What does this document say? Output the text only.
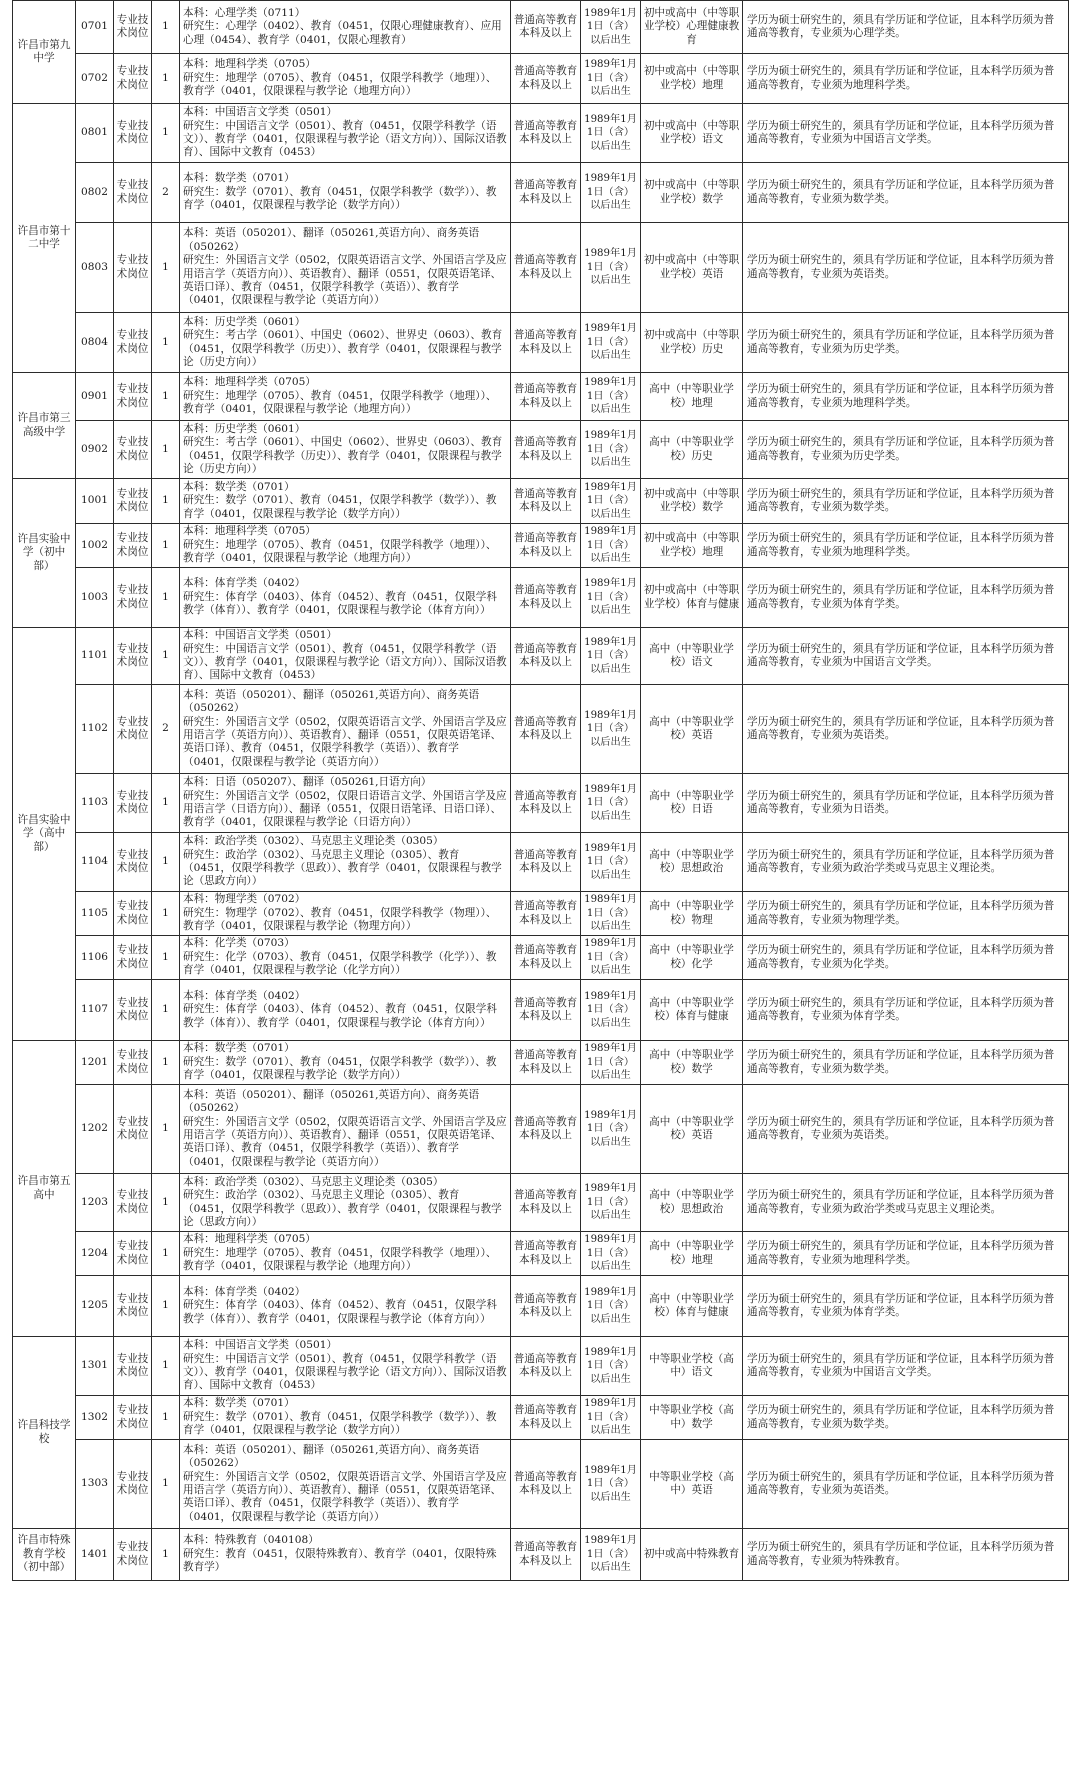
许昌市第九中学	0701	专业技术岗位	1	本科：心理学类（0711）
研究生：心理学（0402）、教育（0451，仅限心理健康教育）、应用心理（0454）、教育学（0401，仅限心理教育）	普通高等教育本科及以上	1989年1月1日（含）以后出生	初中或高中（中等职业学校）心理健康教育	学历为硕士研究生的，须具有学历证和学位证，且本科学历须为普通高等教育，专业须为心理学类。
	0702	专业技术岗位	1	本科：地理科学类（0705）
研究生：地理学（0705）、教育（0451，仅限学科教学（地理））、教育学（0401，仅限课程与教学论（地理方向））	普通高等教育本科及以上	1989年1月1日（含）以后出生	初中或高中（中等职业学校）地理	学历为硕士研究生的，须具有学历证和学位证，且本科学历须为普通高等教育，专业须为地理科学类。
许昌市第十二中学	0801	专业技术岗位	1	本科：中国语言文学类（0501）
研究生：中国语言文学（0501）、教育（0451，仅限学科教学（语文））、教育学（0401，仅限课程与教学论（语文方向））、国际汉语教育）、国际中文教育（0453）	普通高等教育本科及以上	1989年1月1日（含）以后出生	初中或高中（中等职业学校）语文	学历为硕士研究生的，须具有学历证和学位证，且本科学历须为普通高等教育，专业须为中国语言文学类。
	0802	专业技术岗位	2	本科：数学类（0701）
研究生：数学（0701）、教育（0451，仅限学科教学（数学））、教育学（0401，仅限课程与教学论（数学方向））	普通高等教育本科及以上	1989年1月1日（含）以后出生	初中或高中（中等职业学校）数学	学历为硕士研究生的，须具有学历证和学位证，且本科学历须为普通高等教育，专业须为数学类。
	0803	专业技术岗位	1	本科：英语（050201）、翻译（050261,英语方向）、商务英语（050262）
研究生：外国语言文学（0502，仅限英语语言文学、外国语言学及应用语言学（英语方向））、英语教育）、翻译（0551，仅限英语笔译、英语口译）、教育（0451，仅限学科教学（英语））、教育学（0401，仅限课程与教学论（英语方向））	普通高等教育本科及以上	1989年1月1日（含）以后出生	初中或高中（中等职业学校）英语	学历为硕士研究生的，须具有学历证和学位证，且本科学历须为普通高等教育，专业须为英语类。
	0804	专业技术岗位	1	本科：历史学类（0601）
研究生：考古学（0601）、中国史（0602）、世界史（0603）、教育（0451，仅限学科教学（历史））、教育学（0401，仅限课程与教学论（历史方向））	普通高等教育本科及以上	1989年1月1日（含）以后出生	初中或高中（中等职业学校）历史	学历为硕士研究生的，须具有学历证和学位证，且本科学历须为普通高等教育，专业须为历史学类。
许昌市第三高级中学	0901	专业技术岗位	1	本科：地理科学类（0705）
研究生：地理学（0705）、教育（0451，仅限学科教学（地理））、教育学（0401，仅限课程与教学论（地理方向））	普通高等教育本科及以上	1989年1月1日（含）以后出生	高中（中等职业学校）地理	学历为硕士研究生的，须具有学历证和学位证，且本科学历须为普通高等教育，专业须为地理科学类。
	0902	专业技术岗位	1	本科：历史学类（0601）
研究生：考古学（0601）、中国史（0602）、世界史（0603）、教育（0451，仅限学科教学（历史））、教育学（0401，仅限课程与教学论（历史方向））	普通高等教育本科及以上	1989年1月1日（含）以后出生	高中（中等职业学校）历史	学历为硕士研究生的，须具有学历证和学位证，且本科学历须为普通高等教育，专业须为历史学类。
许昌实验中学（初中部）	1001	专业技术岗位	1	本科：数学类（0701）
研究生：数学（0701）、教育（0451，仅限学科教学（数学））、教育学（0401，仅限课程与教学论（数学方向））	普通高等教育本科及以上	1989年1月1日（含）以后出生	初中或高中（中等职业学校）数学	学历为硕士研究生的，须具有学历证和学位证，且本科学历须为普通高等教育，专业须为数学类。
	1002	专业技术岗位	1	本科：地理科学类（0705）
研究生：地理学（0705）、教育（0451，仅限学科教学（地理））、教育学（0401，仅限课程与教学论（地理方向））	普通高等教育本科及以上	1989年1月1日（含）以后出生	初中或高中（中等职业学校）地理	学历为硕士研究生的，须具有学历证和学位证，且本科学历须为普通高等教育，专业须为地理科学类。
	1003	专业技术岗位	1	本科：体育学类（0402）
研究生：体育学（0403）、体育（0452）、教育（0451，仅限学科教学（体育））、教育学（0401，仅限课程与教学论（体育方向））	普通高等教育本科及以上	1989年1月1日（含）以后出生	初中或高中（中等职业学校）体育与健康	学历为硕士研究生的，须具有学历证和学位证，且本科学历须为普通高等教育，专业须为体育学类。
许昌实验中学（高中部）	1101	专业技术岗位	1	本科：中国语言文学类（0501）
研究生：中国语言文学（0501）、教育（0451，仅限学科教学（语文））、教育学（0401，仅限课程与教学论（语文方向））、国际汉语教育）、国际中文教育（0453）	普通高等教育本科及以上	1989年1月1日（含）以后出生	高中（中等职业学校）语文	学历为硕士研究生的，须具有学历证和学位证，且本科学历须为普通高等教育，专业须为中国语言文学类。
	1102	专业技术岗位	2	本科：英语（050201）、翻译（050261,英语方向）、商务英语（050262）
研究生：外国语言文学（0502，仅限英语语言文学、外国语言学及应用语言学（英语方向））、英语教育）、翻译（0551，仅限英语笔译、英语口译）、教育（0451，仅限学科教学（英语））、教育学（0401，仅限课程与教学论（英语方向））	普通高等教育本科及以上	1989年1月1日（含）以后出生	高中（中等职业学校）英语	学历为硕士研究生的，须具有学历证和学位证，且本科学历须为普通高等教育，专业须为英语类。
	1103	专业技术岗位	1	本科：日语（050207）、翻译（050261,日语方向）
研究生：外国语言文学（0502，仅限日语语言文学、外国语言学及应用语言学（日语方向））、翻译（0551，仅限日语笔译、日语口译）、教育学（0401，仅限课程与教学论（日语方向））	普通高等教育本科及以上	1989年1月1日（含）以后出生	高中（中等职业学校）日语	学历为硕士研究生的，须具有学历证和学位证，且本科学历须为普通高等教育，专业须为日语类。
	1104	专业技术岗位	1	本科：政治学类（0302）、马克思主义理论类（0305）
研究生：政治学（0302）、马克思主义理论（0305）、教育（0451，仅限学科教学（思政））、教育学（0401，仅限课程与教学论（思政方向））	普通高等教育本科及以上	1989年1月1日（含）以后出生	高中（中等职业学校）思想政治	学历为硕士研究生的，须具有学历证和学位证，且本科学历须为普通高等教育，专业须为政治学类或马克思主义理论类。
	1105	专业技术岗位	1	本科：物理学类（0702）
研究生：物理学（0702）、教育（0451，仅限学科教学（物理））、教育学（0401，仅限课程与教学论（物理方向））	普通高等教育本科及以上	1989年1月1日（含）以后出生	高中（中等职业学校）物理	学历为硕士研究生的，须具有学历证和学位证，且本科学历须为普通高等教育，专业须为物理学类。
	1106	专业技术岗位	1	本科：化学类（0703）
研究生：化学（0703）、教育（0451，仅限学科教学（化学））、教育学（0401，仅限课程与教学论（化学方向））	普通高等教育本科及以上	1989年1月1日（含）以后出生	高中（中等职业学校）化学	学历为硕士研究生的，须具有学历证和学位证，且本科学历须为普通高等教育，专业须为化学类。
	1107	专业技术岗位	1	本科：体育学类（0402）
研究生：体育学（0403）、体育（0452）、教育（0451，仅限学科教学（体育））、教育学（0401，仅限课程与教学论（体育方向））	普通高等教育本科及以上	1989年1月1日（含）以后出生	高中（中等职业学校）体育与健康	学历为硕士研究生的，须具有学历证和学位证，且本科学历须为普通高等教育，专业须为体育学类。
许昌市第五高中	1201	专业技术岗位	1	本科：数学类（0701）
研究生：数学（0701）、教育（0451，仅限学科教学（数学））、教育学（0401，仅限课程与教学论（数学方向））	普通高等教育本科及以上	1989年1月1日（含）以后出生	高中（中等职业学校）数学	学历为硕士研究生的，须具有学历证和学位证，且本科学历须为普通高等教育，专业须为数学类。
	1202	专业技术岗位	1	本科：英语（050201）、翻译（050261,英语方向）、商务英语（050262）
研究生：外国语言文学（0502，仅限英语语言文学、外国语言学及应用语言学（英语方向））、英语教育）、翻译（0551，仅限英语笔译、英语口译）、教育（0451，仅限学科教学（英语））、教育学（0401，仅限课程与教学论（英语方向））	普通高等教育本科及以上	1989年1月1日（含）以后出生	高中（中等职业学校）英语	学历为硕士研究生的，须具有学历证和学位证，且本科学历须为普通高等教育，专业须为英语类。
	1203	专业技术岗位	1	本科：政治学类（0302）、马克思主义理论类（0305）
研究生：政治学（0302）、马克思主义理论（0305）、教育（0451，仅限学科教学（思政））、教育学（0401，仅限课程与教学论（思政方向））	普通高等教育本科及以上	1989年1月1日（含）以后出生	高中（中等职业学校）思想政治	学历为硕士研究生的，须具有学历证和学位证，且本科学历须为普通高等教育，专业须为政治学类或马克思主义理论类。
	1204	专业技术岗位	1	本科：地理科学类（0705）
研究生：地理学（0705）、教育（0451，仅限学科教学（地理））、教育学（0401，仅限课程与教学论（地理方向））	普通高等教育本科及以上	1989年1月1日（含）以后出生	高中（中等职业学校）地理	学历为硕士研究生的，须具有学历证和学位证，且本科学历须为普通高等教育，专业须为地理科学类。
	1205	专业技术岗位	1	本科：体育学类（0402）
研究生：体育学（0403）、体育（0452）、教育（0451，仅限学科教学（体育））、教育学（0401，仅限课程与教学论（体育方向））	普通高等教育本科及以上	1989年1月1日（含）以后出生	高中（中等职业学校）体育与健康	学历为硕士研究生的，须具有学历证和学位证，且本科学历须为普通高等教育，专业须为体育学类。
许昌科技学校	1301	专业技术岗位	1	本科：中国语言文学类（0501）
研究生：中国语言文学（0501）、教育（0451，仅限学科教学（语文））、教育学（0401，仅限课程与教学论（语文方向））、国际汉语教育）、国际中文教育（0453）	普通高等教育本科及以上	1989年1月1日（含）以后出生	中等职业学校（高中）语文	学历为硕士研究生的，须具有学历证和学位证，且本科学历须为普通高等教育，专业须为中国语言文学类。
	1302	专业技术岗位	1	本科：数学类（0701）
研究生：数学（0701）、教育（0451，仅限学科教学（数学））、教育学（0401，仅限课程与教学论（数学方向））	普通高等教育本科及以上	1989年1月1日（含）以后出生	中等职业学校（高中）数学	学历为硕士研究生的，须具有学历证和学位证，且本科学历须为普通高等教育，专业须为数学类。
	1303	专业技术岗位	1	本科：英语（050201）、翻译（050261,英语方向）、商务英语（050262）
研究生：外国语言文学（0502，仅限英语语言文学、外国语言学及应用语言学（英语方向））、英语教育）、翻译（0551，仅限英语笔译、英语口译）、教育（0451，仅限学科教学（英语））、教育学（0401，仅限课程与教学论（英语方向））	普通高等教育本科及以上	1989年1月1日（含）以后出生	中等职业学校（高中）英语	学历为硕士研究生的，须具有学历证和学位证，且本科学历须为普通高等教育，专业须为英语类。
许昌市特殊教育学校（初中部）	1401	专业技术岗位	1	本科：特殊教育（040108）
研究生：教育（0451，仅限特殊教育）、教育学（0401，仅限特殊教育学）	普通高等教育本科及以上	1989年1月1日（含）以后出生	初中或高中特殊教育	学历为硕士研究生的，须具有学历证和学位证，且本科学历须为普通高等教育，专业须为特殊教育。
